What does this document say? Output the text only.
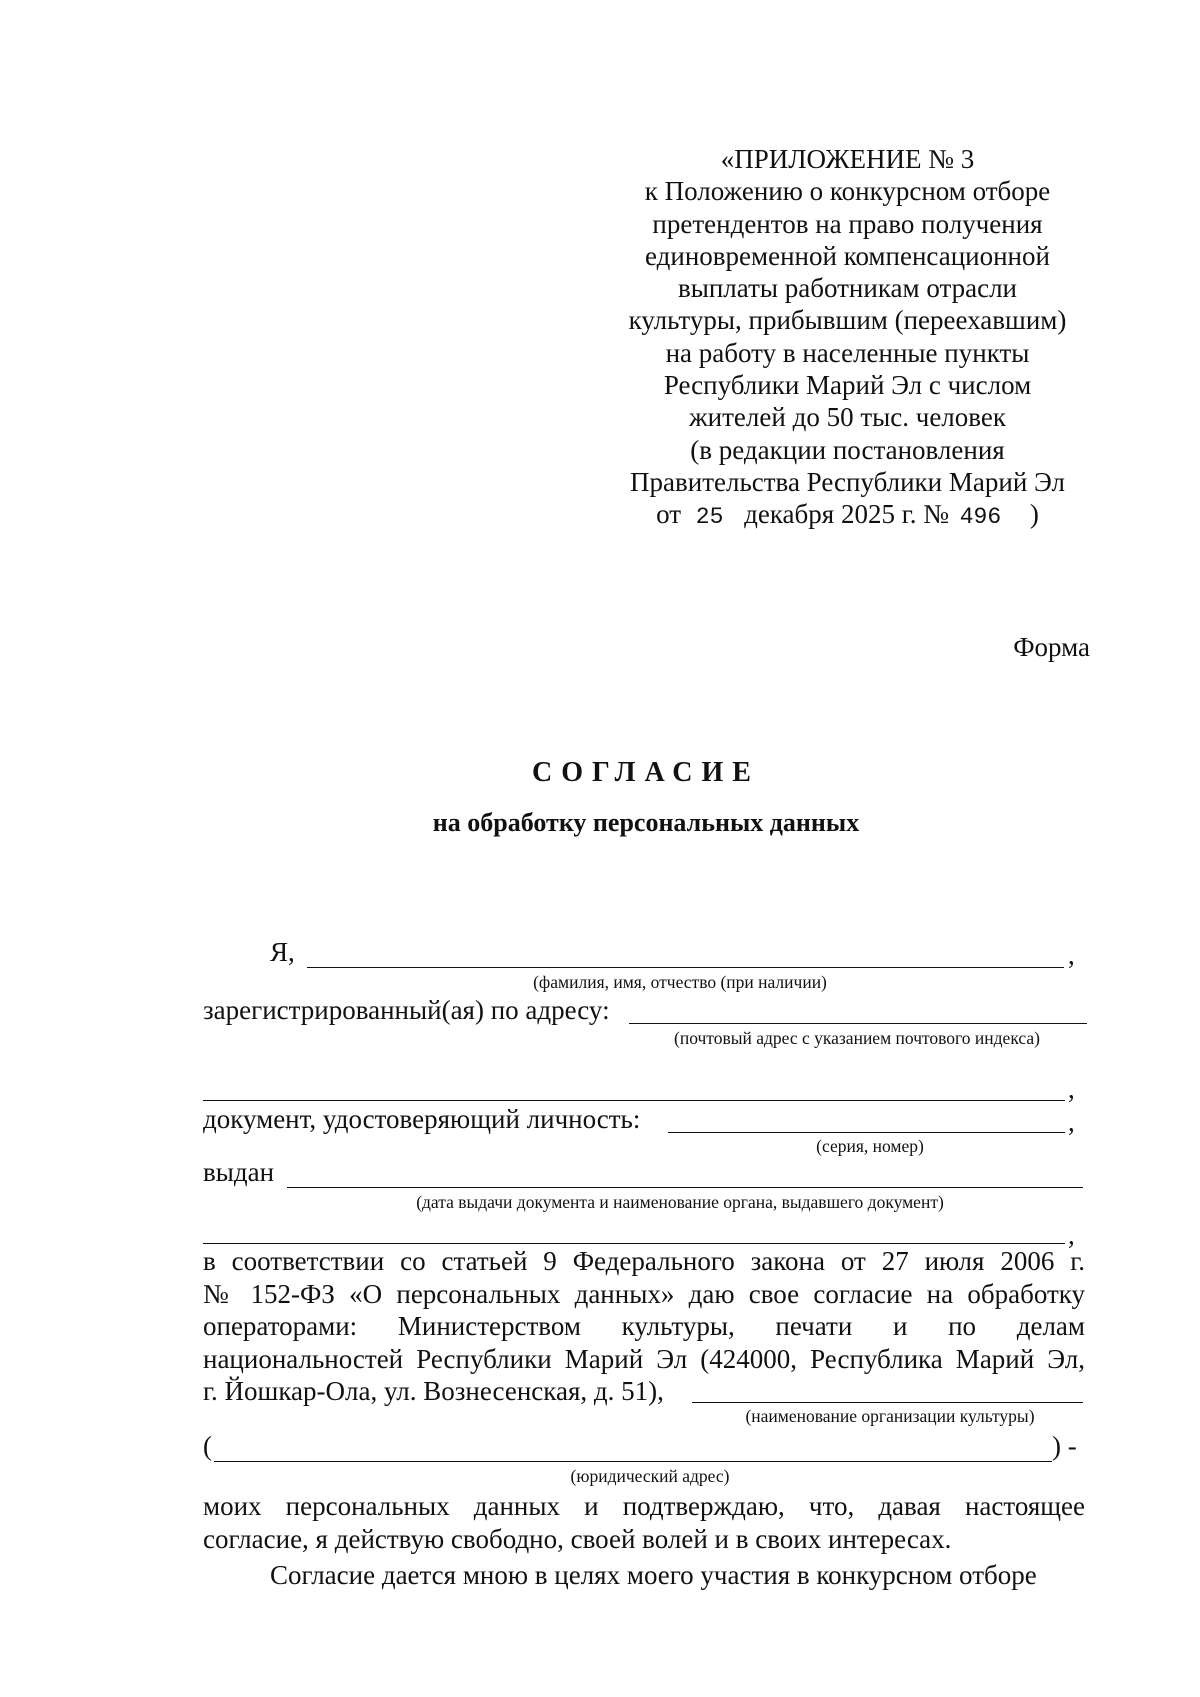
«ПРИЛОЖЕНИЕ № 3
к Положению о конкурсном отборе
претендентов на право получения
единовременной компенсационной
выплаты работникам отрасли
культуры, прибывшим (переехавшим)
на работу в населенные пункты
Республики Марий Эл с числом
жителей до 50 тыс. человек
(в редакции постановления
Правительства Республики Марий Эл
от 25 декабря 2025 г. № 496 )
Форма
СОГЛАСИЕ
на обработку персональных данных
Я,	,
(фамилия, имя, отчество (при наличии)
зарегистрированный(ая) по адресу:
(почтовый адрес с указанием почтового индекса)
,
документ, удостоверяющий личность:	,
(серия, номер)
выдан
(дата выдачи документа и наименование органа, выдавшего документ)
,
в соответствии со статьей 9 Федерального закона от 27 июля 2006 г.
№ 152-ФЗ «О персональных данных» даю свое согласие на обработку
операторами: Министерством культуры, печати и по делам
национальностей Республики Марий Эл (424000, Республика Марий Эл,
г. Йошкар-Ола, ул. Вознесенская, д. 51),
(наименование организации культуры)
(	) -
(юридический адрес)
моих персональных данных и подтверждаю, что, давая настоящее
согласие, я действую свободно, своей волей и в своих интересах.
Согласие дается мною в целях моего участия в конкурсном отборе
